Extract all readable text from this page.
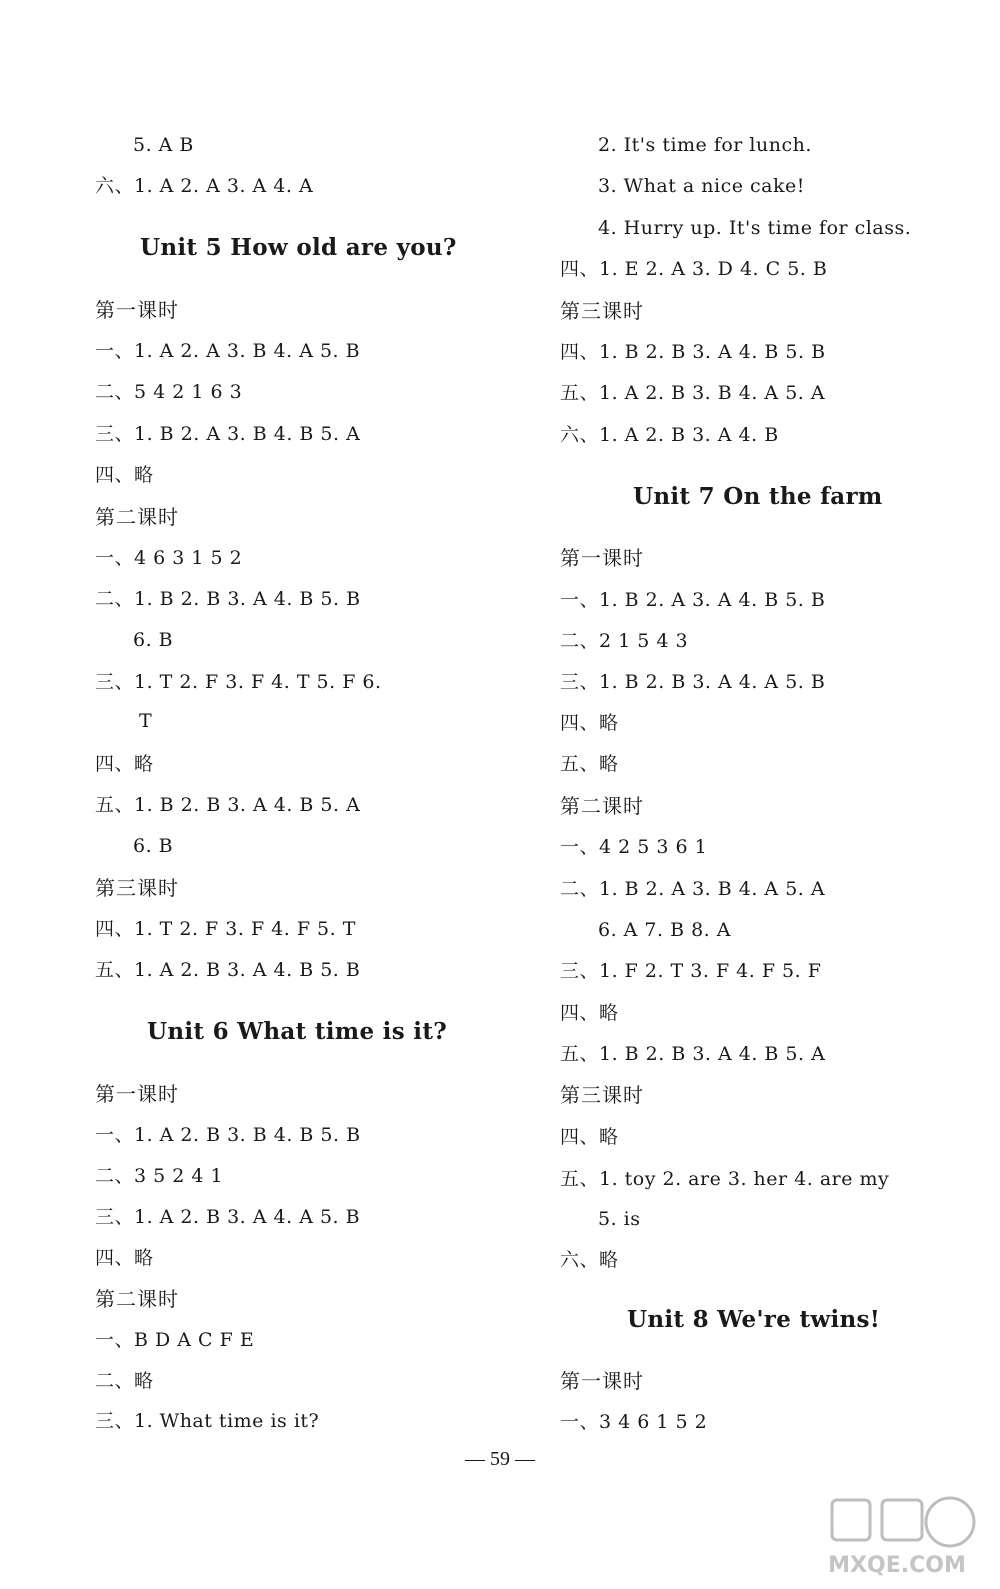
5. A B
六、1. A 2. A 3. A 4. A
Unit 5 How old are you?
第一课时
一、1. A 2. A 3. B 4. A 5. B
二、5 4 2 1 6 3
三、1. B 2. A 3. B 4. B 5. A
四、略
第二课时
一、4 6 3 1 5 2
二、1. B 2. B 3. A 4. B 5. B
6. B
三、1. T 2. F 3. F 4. T 5. F 6.
T
四、略
五、1. B 2. B 3. A 4. B 5. A
6. B
第三课时
四、1. T 2. F 3. F 4. F 5. T
五、1. A 2. B 3. A 4. B 5. B
Unit 6 What time is it?
第一课时
一、1. A 2. B 3. B 4. B 5. B
二、3 5 2 4 1
三、1. A 2. B 3. A 4. A 5. B
四、略
第二课时
一、B D A C F E
二、略
三、1. What time is it?
2. It's time for lunch.
3. What a nice cake!
4. Hurry up. It's time for class.
四、1. E 2. A 3. D 4. C 5. B
第三课时
四、1. B 2. B 3. A 4. B 5. B
五、1. A 2. B 3. B 4. A 5. A
六、1. A 2. B 3. A 4. B
Unit 7 On the farm
第一课时
一、1. B 2. A 3. A 4. B 5. B
二、2 1 5 4 3
三、1. B 2. B 3. A 4. A 5. B
四、略
五、略
第二课时
一、4 2 5 3 6 1
二、1. B 2. A 3. B 4. A 5. A
6. A 7. B 8. A
三、1. F 2. T 3. F 4. F 5. F
四、略
五、1. B 2. B 3. A 4. B 5. A
第三课时
四、略
五、1. toy 2. are 3. her 4. are my
5. is
六、略
Unit 8 We're twins!
第一课时
一、3 4 6 1 5 2
— 59 —
MXQE.COM
